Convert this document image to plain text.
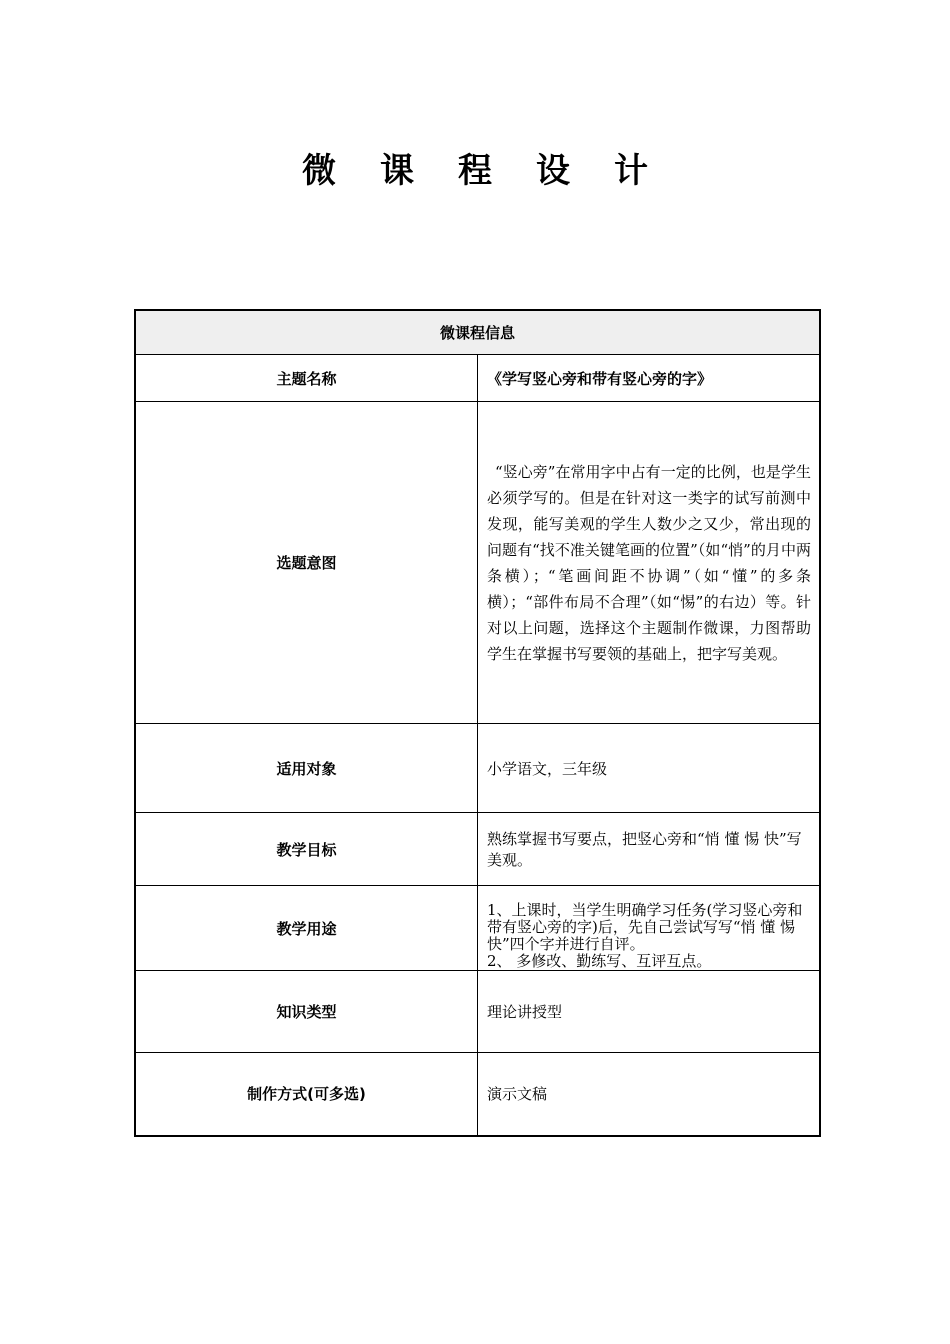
微 课 程 设 计
微课程信息	
主题名称	《学写竖心旁和带有竖心旁的字》
选题意图	“竖心旁”在常用字中占有一定的比例，也是学生必须学写的。但是在针对这一类字的试写前测中发现，能写美观的学生人数少之又少，常出现的问题有“找不准关键笔画的位置”（如“悄”的月中两条横）；“笔画间距不协调”（如“懂”的多条横）；“部件布局不合理”（如“惕”的右边）等。针对以上问题，选择这个主题制作微课，力图帮助学生在掌握书写要领的基础上，把字写美观。

适用对象	小学语文，三年级
教学目标	熟练掌握书写要点，把竖心旁和“悄 懂 惕 快”写美观。
教学用途	1、上课时，当学生明确学习任务(学习竖心旁和带有竖心旁的字)后，先自己尝试写写“悄 懂 惕 快”四个字并进行自评。

2、 多修改、勤练写、互评互点。

知识类型	理论讲授型
制作方式(可多选)	演示文稿
